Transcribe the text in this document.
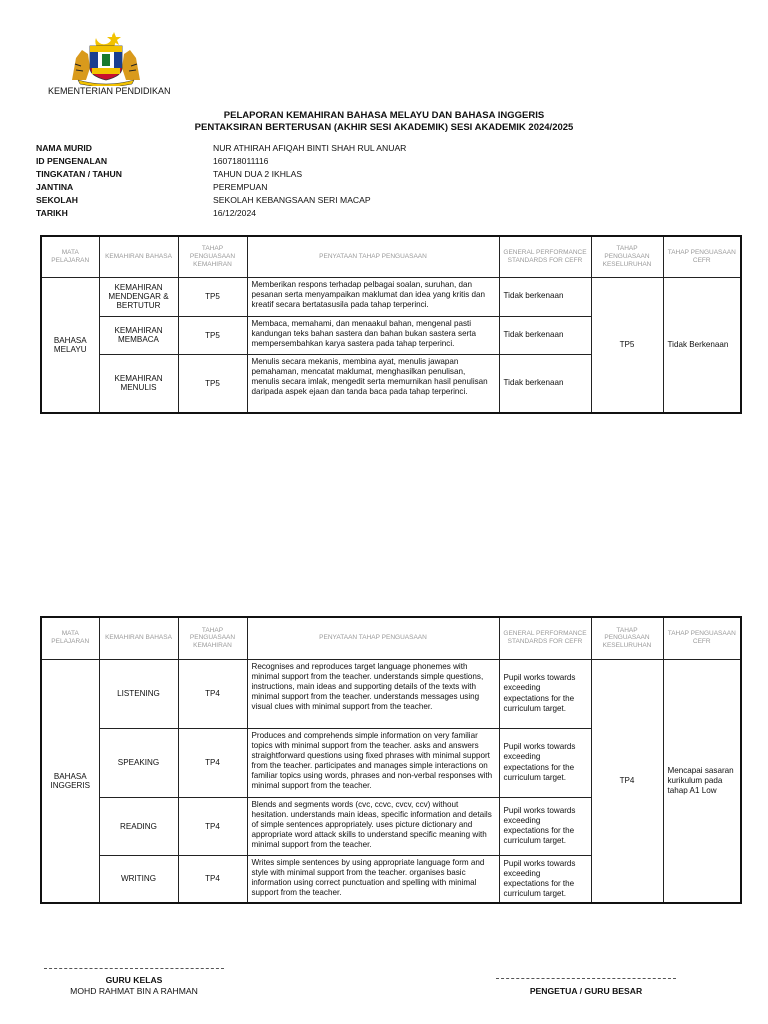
KEMENTERIAN PENDIDIKAN
PELAPORAN KEMAHIRAN BAHASA MELAYU DAN BAHASA INGGERIS
PENTAKSIRAN BERTERUSAN (AKHIR SESI AKADEMIK) SESI AKADEMIK 2024/2025
NAMA MURID	NUR ATHIRAH AFIQAH BINTI SHAH RUL ANUAR
ID PENGENALAN	160718011116
TINGKATAN / TAHUN	TAHUN DUA 2 IKHLAS
JANTINA	PEREMPUAN
SEKOLAH	SEKOLAH KEBANGSAAN SERI MACAP
TARIKH	16/12/2024
MATA PELAJARAN	KEMAHIRAN BAHASA	TAHAP PENGUASAAN KEMAHIRAN	PENYATAAN TAHAP PENGUASAAN	GENERAL PERFORMANCE STANDARDS FOR CEFR	TAHAP PENGUASAAN KESELURUHAN	TAHAP PENGUASAAN CEFR
BAHASA MELAYU	KEMAHIRAN MENDENGAR & BERTUTUR	TP5	Memberikan respons terhadap pelbagai soalan, suruhan, dan pesanan serta menyampaikan maklumat dan idea yang kritis dan kreatif secara bertatasusila pada tahap terperinci.	Tidak berkenaan	TP5	Tidak Berkenaan
	KEMAHIRAN MEMBACA	TP5	Membaca, memahami, dan menaakul bahan, mengenal pasti kandungan teks bahan sastera dan bahan bukan sastera serta mempersembahkan karya sastera pada tahap terperinci.	Tidak berkenaan		
	KEMAHIRAN MENULIS	TP5	Menulis secara mekanis, membina ayat, menulis jawapan pemahaman, mencatat maklumat, menghasilkan penulisan, menulis secara imlak, mengedit serta memurnikan hasil penulisan daripada aspek ejaan dan tanda baca pada tahap terperinci.	Tidak berkenaan		
MATA PELAJARAN	KEMAHIRAN BAHASA	TAHAP PENGUASAAN KEMAHIRAN	PENYATAAN TAHAP PENGUASAAN	GENERAL PERFORMANCE STANDARDS FOR CEFR	TAHAP PENGUASAAN KESELURUHAN	TAHAP PENGUASAAN CEFR
BAHASA INGGERIS	LISTENING	TP4	Recognises and reproduces target language phonemes with minimal support from the teacher. understands simple questions, instructions, main ideas and supporting details of the texts with minimal support from the teacher. understands messages using visual clues with minimal support from the teacher.	Pupil works towards exceeding expectations for the curriculum target.	TP4	Mencapai sasaran kurikulum pada tahap A1 Low
	SPEAKING	TP4	Produces and comprehends simple information on very familiar topics with minimal support from the teacher. asks and answers straightforward questions using fixed phrases with minimal support from the teacher. participates and manages simple interactions on familiar topics using words, phrases and non-verbal responses with minimal support from the teacher.	Pupil works towards exceeding expectations for the curriculum target.		
	READING	TP4	Blends and segments words (cvc, ccvc, cvcv, ccv) without hesitation. understands main ideas, specific information and details of simple sentences appropriately. uses picture dictionary and appropriate word attack skills to understand specific meaning with minimal support from the teacher.	Pupil works towards exceeding expectations for the curriculum target.		
	WRITING	TP4	Writes simple sentences by using appropriate language form and style with minimal support from the teacher. organises basic information using correct punctuation and spelling with minimal support from the teacher.	Pupil works towards exceeding expectations for the curriculum target.		
GURU KELAS
MOHD RAHMAT BIN A RAHMAN	PENGETUA / GURU BESAR
